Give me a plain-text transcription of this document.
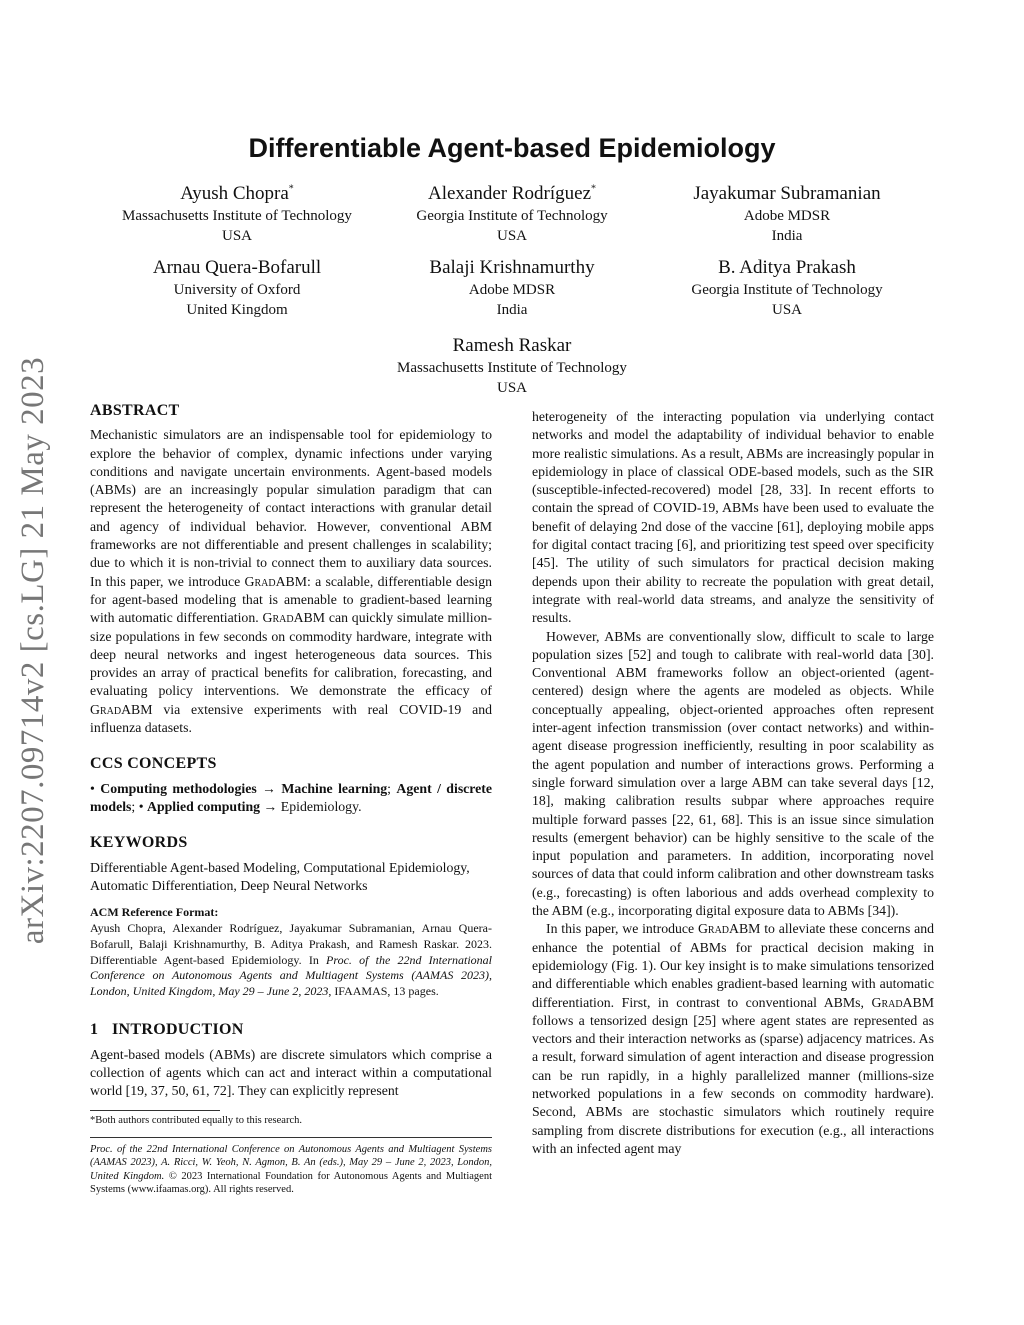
arXiv:2207.09714v2 [cs.LG] 21 May 2023
Differentiable Agent-based Epidemiology
Ayush Chopra*
Massachusetts Institute of Technology
USA
Alexander Rodríguez*
Georgia Institute of Technology
USA
Jayakumar Subramanian
Adobe MDSR
India
Arnau Quera-Bofarull
University of Oxford
United Kingdom
Balaji Krishnamurthy
Adobe MDSR
India
B. Aditya Prakash
Georgia Institute of Technology
USA
Ramesh Raskar
Massachusetts Institute of Technology
USA
ABSTRACT

Mechanistic simulators are an indispensable tool for epidemiology to explore the behavior of complex, dynamic infections under varying conditions and navigate uncertain environments. Agent-based models (ABMs) are an increasingly popular simulation paradigm that can represent the heterogeneity of contact interactions with granular detail and agency of individual behavior. However, conventional ABM frameworks are not differentiable and present challenges in scalability; due to which it is non-trivial to connect them to auxiliary data sources. In this paper, we introduce GradABM: a scalable, differentiable design for agent-based modeling that is amenable to gradient-based learning with automatic differentiation. GradABM can quickly simulate million-size populations in few seconds on commodity hardware, integrate with deep neural networks and ingest heterogeneous data sources. This provides an array of practical benefits for calibration, forecasting, and evaluating policy interventions. We demonstrate the efficacy of GradABM via extensive experiments with real COVID-19 and influenza datasets.

CCS CONCEPTS

• Computing methodologies → Machine learning; Agent / discrete models; • Applied computing → Epidemiology.

KEYWORDS

Differentiable Agent-based Modeling, Computational Epidemiology, Automatic Differentiation, Deep Neural Networks

ACM Reference Format:

Ayush Chopra, Alexander Rodríguez, Jayakumar Subramanian, Arnau Quera-Bofarull, Balaji Krishnamurthy, B. Aditya Prakash, and Ramesh Raskar. 2023. Differentiable Agent-based Epidemiology. In Proc. of the 22nd International Conference on Autonomous Agents and Multiagent Systems (AAMAS 2023), London, United Kingdom, May 29 – June 2, 2023, IFAAMAS, 13 pages.

1 INTRODUCTION

Agent-based models (ABMs) are discrete simulators which comprise a collection of agents which can act and interact within a computational world [19, 37, 50, 61, 72]. They can explicitly represent

*Both authors contributed equally to this research.

Proc. of the 22nd International Conference on Autonomous Agents and Multiagent Systems (AAMAS 2023), A. Ricci, W. Yeoh, N. Agmon, B. An (eds.), May 29 – June 2, 2023, London, United Kingdom. © 2023 International Foundation for Autonomous Agents and Multiagent Systems (www.ifaamas.org). All rights reserved.

heterogeneity of the interacting population via underlying contact networks and model the adaptability of individual behavior to enable more realistic simulations. As a result, ABMs are increasingly popular in epidemiology in place of classical ODE-based models, such as the SIR (susceptible-infected-recovered) model [28, 33]. In recent efforts to contain the spread of COVID-19, ABMs have been used to evaluate the benefit of delaying 2nd dose of the vaccine [61], deploying mobile apps for digital contact tracing [6], and prioritizing test speed over specificity [45]. The utility of such simulators for practical decision making depends upon their ability to recreate the population with great detail, integrate with real-world data streams, and analyze the sensitivity of results.

However, ABMs are conventionally slow, difficult to scale to large population sizes [52] and tough to calibrate with real-world data [30]. Conventional ABM frameworks follow an object-oriented (agent-centered) design where the agents are modeled as objects. While conceptually appealing, object-oriented approaches often represent inter-agent infection transmission (over contact networks) and within-agent disease progression inefficiently, resulting in poor scalability as the agent population and number of interactions grows. Performing a single forward simulation over a large ABM can take several days [12, 18], making calibration results subpar where approaches require multiple forward passes [22, 61, 68]. This is an issue since simulation results (emergent behavior) can be highly sensitive to the scale of the input population and parameters. In addition, incorporating novel sources of data that could inform calibration and other downstream tasks (e.g., forecasting) is often laborious and adds overhead complexity to the ABM (e.g., incorporating digital exposure data to ABMs [34]).

In this paper, we introduce GradABM to alleviate these concerns and enhance the potential of ABMs for practical decision making in epidemiology (Fig. 1). Our key insight is to make simulations tensorized and differentiable which enables gradient-based learning with automatic differentiation. First, in contrast to conventional ABMs, GradABM follows a tensorized design [25] where agent states are represented as vectors and their interaction networks as (sparse) adjacency matrices. As a result, forward simulation of agent interaction and disease progression can be run rapidly, in a highly parallelized manner (millions-size networked populations in a few seconds on commodity hardware). Second, ABMs are stochastic simulators which routinely require sampling from discrete distributions for execution (e.g., all interactions with an infected agent may
